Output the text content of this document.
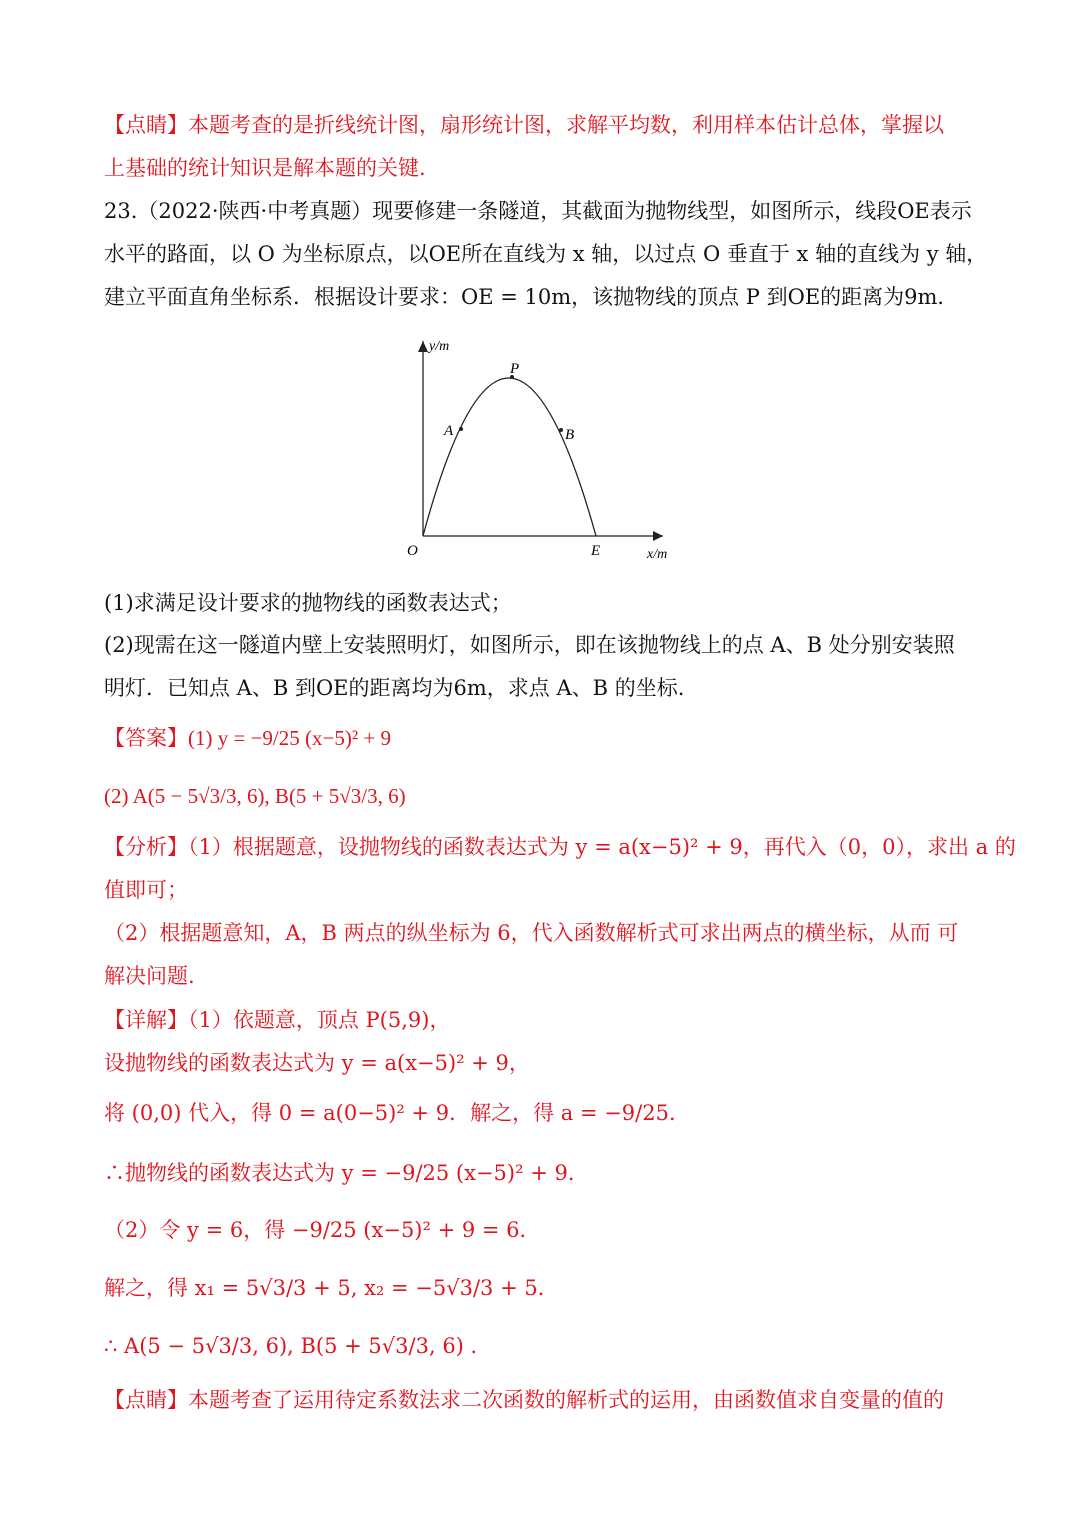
【点睛】本题考查的是折线统计图，扇形统计图，求解平均数，利用样本估计总体，掌握以
上基础的统计知识是解本题的关键.
23.（2022·陕西·中考真题）现要修建一条隧道，其截面为抛物线型，如图所示，线段OE表示
水平的路面，以 O 为坐标原点，以OE所在直线为 x 轴，以过点 O 垂直于 x 轴的直线为 y 轴，
建立平面直角坐标系．根据设计要求：OE = 10m，该抛物线的顶点 P 到OE的距离为9m．
y/m
x/m
O
P
A	B
E
(1)求满足设计要求的抛物线的函数表达式；
(2)现需在这一隧道内壁上安装照明灯，如图所示，即在该抛物线上的点 A、B 处分别安装照
明灯．已知点 A、B 到OE的距离均为6m，求点 A、B 的坐标.
【答案】(1) y = −9/25 (x−5)² + 9
(2) A(5 − 5√3/3, 6), B(5 + 5√3/3, 6)
【分析】（1）根据题意，设抛物线的函数表达式为 y = a(x−5)² + 9，再代入（0，0），求出 a 的
值即可；
（2）根据题意知，A，B 两点的纵坐标为 6，代入函数解析式可求出两点的横坐标，从而 可
解决问题.
【详解】（1）依题意，顶点 P(5,9)，
设抛物线的函数表达式为 y = a(x−5)² + 9，
将 (0,0) 代入，得 0 = a(0−5)² + 9．解之，得 a = −9/25．
∴抛物线的函数表达式为 y = −9/25 (x−5)² + 9．
（2）令 y = 6，得 −9/25 (x−5)² + 9 = 6．
解之，得 x₁ = 5√3/3 + 5, x₂ = −5√3/3 + 5．
∴ A(5 − 5√3/3, 6), B(5 + 5√3/3, 6) ．
【点睛】本题考查了运用待定系数法求二次函数的解析式的运用，由函数值求自变量的值的
